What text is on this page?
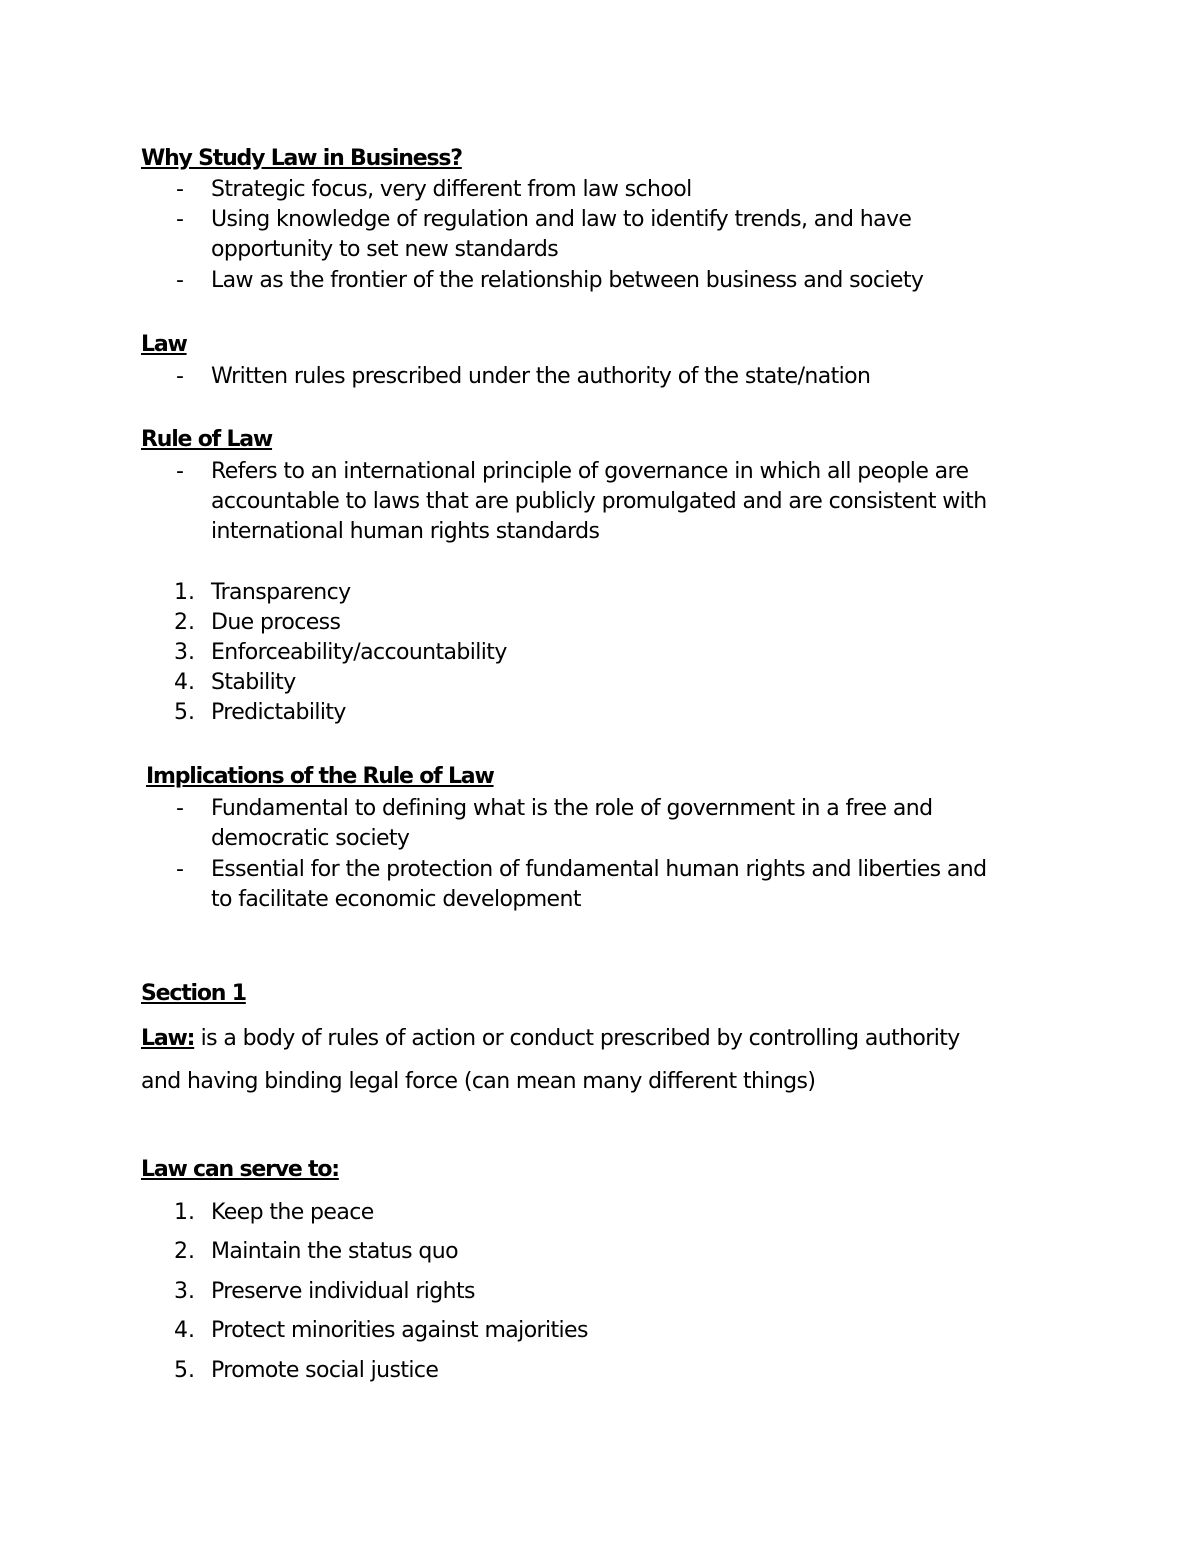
Why Study Law in Business?
- Strategic focus, very different from law school
- Using knowledge of regulation and law to identify trends, and have
opportunity to set new standards
- Law as the frontier of the relationship between business and society
Law
- Written rules prescribed under the authority of the state/nation
Rule of Law
- Refers to an international principle of governance in which all people are
accountable to laws that are publicly promulgated and are consistent with
international human rights standards
1. Transparency
2. Due process
3. Enforceability/accountability
4. Stability
5. Predictability
Implications of the Rule of Law
- Fundamental to defining what is the role of government in a free and
democratic society
- Essential for the protection of fundamental human rights and liberties and
to facilitate economic development
Section 1
Law: is a body of rules of action or conduct prescribed by controlling authority
and having binding legal force (can mean many different things)
Law can serve to:
1. Keep the peace
2. Maintain the status quo
3. Preserve individual rights
4. Protect minorities against majorities
5. Promote social justice
